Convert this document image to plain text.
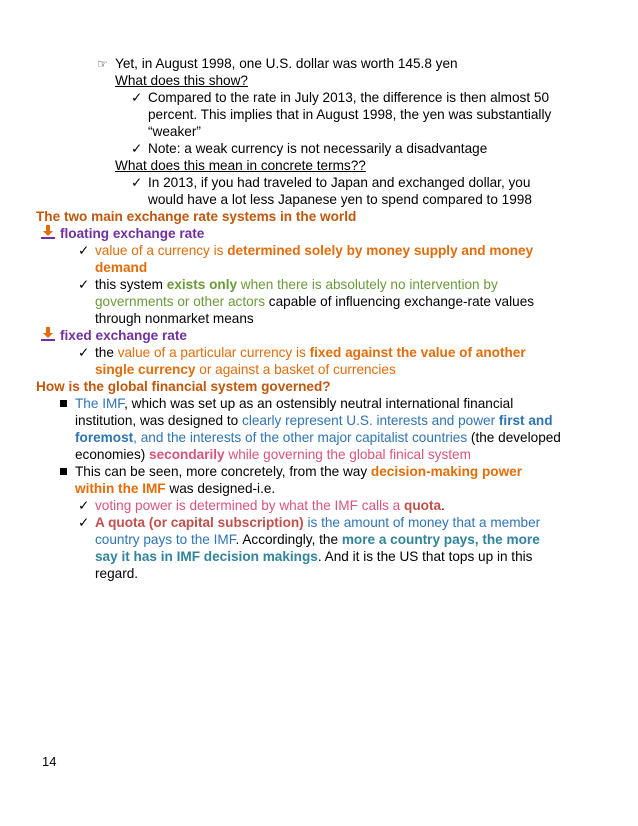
☞ Yet, in August 1998, one U.S. dollar was worth 145.8 yen
What does this show?
✓ Compared to the rate in July 2013, the difference is then almost 50
percent. This implies that in August 1998, the yen was substantially
“weaker”
✓ Note: a weak currency is not necessarily a disadvantage
What does this mean in concrete terms??
✓ In 2013, if you had traveled to Japan and exchanged dollar, you
would have a lot less Japanese yen to spend compared to 1998
The two main exchange rate systems in the world
floating exchange rate
✓ value of a currency is determined solely by money supply and money
demand
✓ this system exists only when there is absolutely no intervention by
governments or other actors capable of influencing exchange-rate values
through nonmarket means
fixed exchange rate
✓ the value of a particular currency is fixed against the value of another
single currency or against a basket of currencies
How is the global financial system governed?
The IMF, which was set up as an ostensibly neutral international financial
institution, was designed to clearly represent U.S. interests and power first and
foremost, and the interests of the other major capitalist countries (the developed
economies) secondarily while governing the global finical system
This can be seen, more concretely, from the way decision-making power
within the IMF was designed-i.e.
✓ voting power is determined by what the IMF calls a quota.
✓ A quota (or capital subscription) is the amount of money that a member
country pays to the IMF. Accordingly, the more a country pays, the more
say it has in IMF decision makings. And it is the US that tops up in this
regard.
14
